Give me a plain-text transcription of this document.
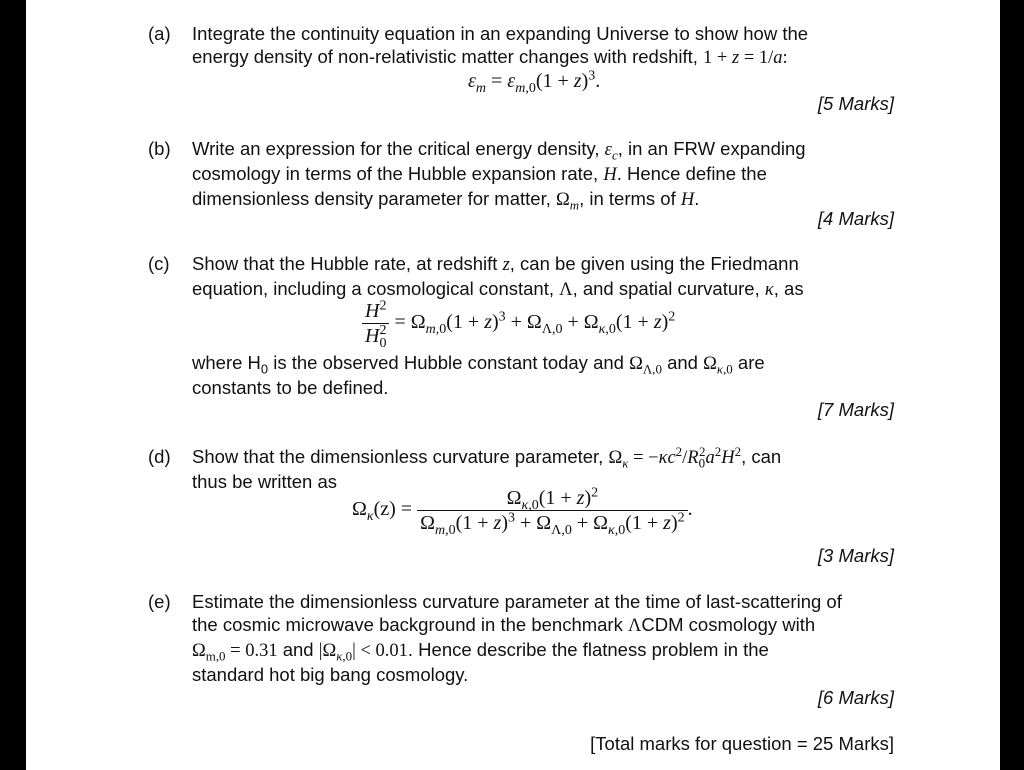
(a) Integrate the continuity equation in an expanding Universe to show how the
energy density of non-relativistic matter changes with redshift, 1 + z = 1/a:
$\varepsilon_m = \varepsilon_{m,0}(1 + z)^3$.
[5 Marks]
(b) Write an expression for the critical energy density, $\varepsilon_c$, in an FRW expanding
cosmology in terms of the Hubble expansion rate, H. Hence define the
dimensionless density parameter for matter, $\Omega_m$, in terms of H.
[4 Marks]
(c) Show that the Hubble rate, at redshift z, can be given using the Friedmann
equation, including a cosmological constant, Λ, and spatial curvature, κ, as
$\frac{H^2}{H_0^2} = \Omega_{m,0}(1 + z)^3 + \Omega_{\Lambda,0} + \Omega_{\kappa,0}(1 + z)^2$
where $H_0$ is the observed Hubble constant today and $\Omega_{\Lambda,0}$ and $\Omega_{\kappa,0}$ are
constants to be defined.
[7 Marks]
(d) Show that the dimensionless curvature parameter, $\Omega_\kappa = -\kappa c^2/R_0^2a^2H^2$, can
thus be written as
$\Omega_\kappa(z) = \frac{\Omega_{\kappa,0}(1 + z)^2}{\Omega_{m,0}(1 + z)^3 + \Omega_{\Lambda,0} + \Omega_{\kappa,0}(1 + z)^2}$ .
[3 Marks]
(e) Estimate the dimensionless curvature parameter at the time of last-scattering of
the cosmic microwave background in the benchmark ΛCDM cosmology with
$\Omega_{m,0} = 0.31$ and $|\Omega_{\kappa,0}| < 0.01$. Hence describe the flatness problem in the
standard hot big bang cosmology.
[6 Marks]
[Total marks for question = 25 Marks]
